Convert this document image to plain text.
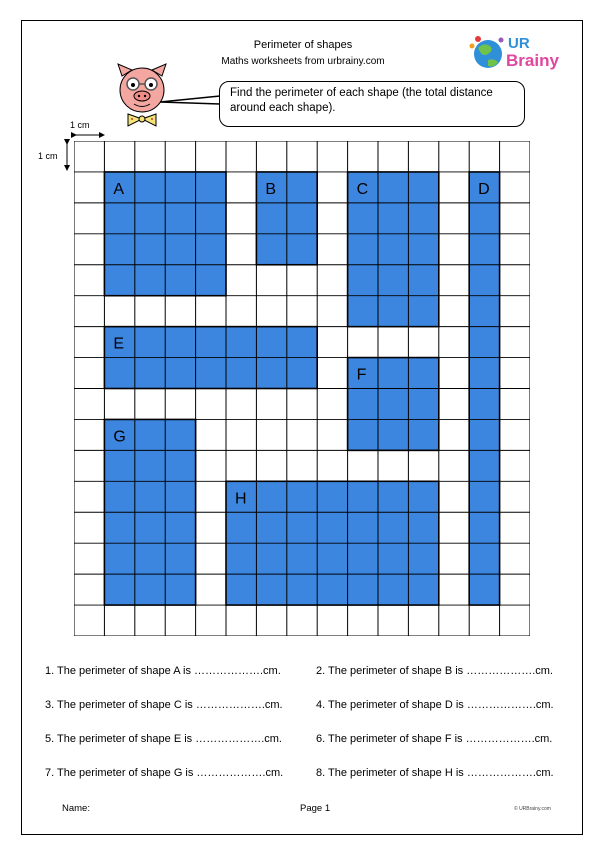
Perimeter of shapes
Maths worksheets from urbrainy.com
UR
Brainy
Find the perimeter of each shape (the total distance around each shape).
1 cm
1 cm
A	B	C	D
E
F
G
H
1. The perimeter of shape A is ……………….cm.	2. The perimeter of shape B is ……………….cm.
3. The perimeter of shape C is ……………….cm.	4. The perimeter of shape D is ……………….cm.
5. The perimeter of shape E is ……………….cm.	6. The perimeter of shape F is ……………….cm.
7. The perimeter of shape G is ……………….cm.	8. The perimeter of shape H is ……………….cm.
Name:	Page 1	© URBrainy.com
